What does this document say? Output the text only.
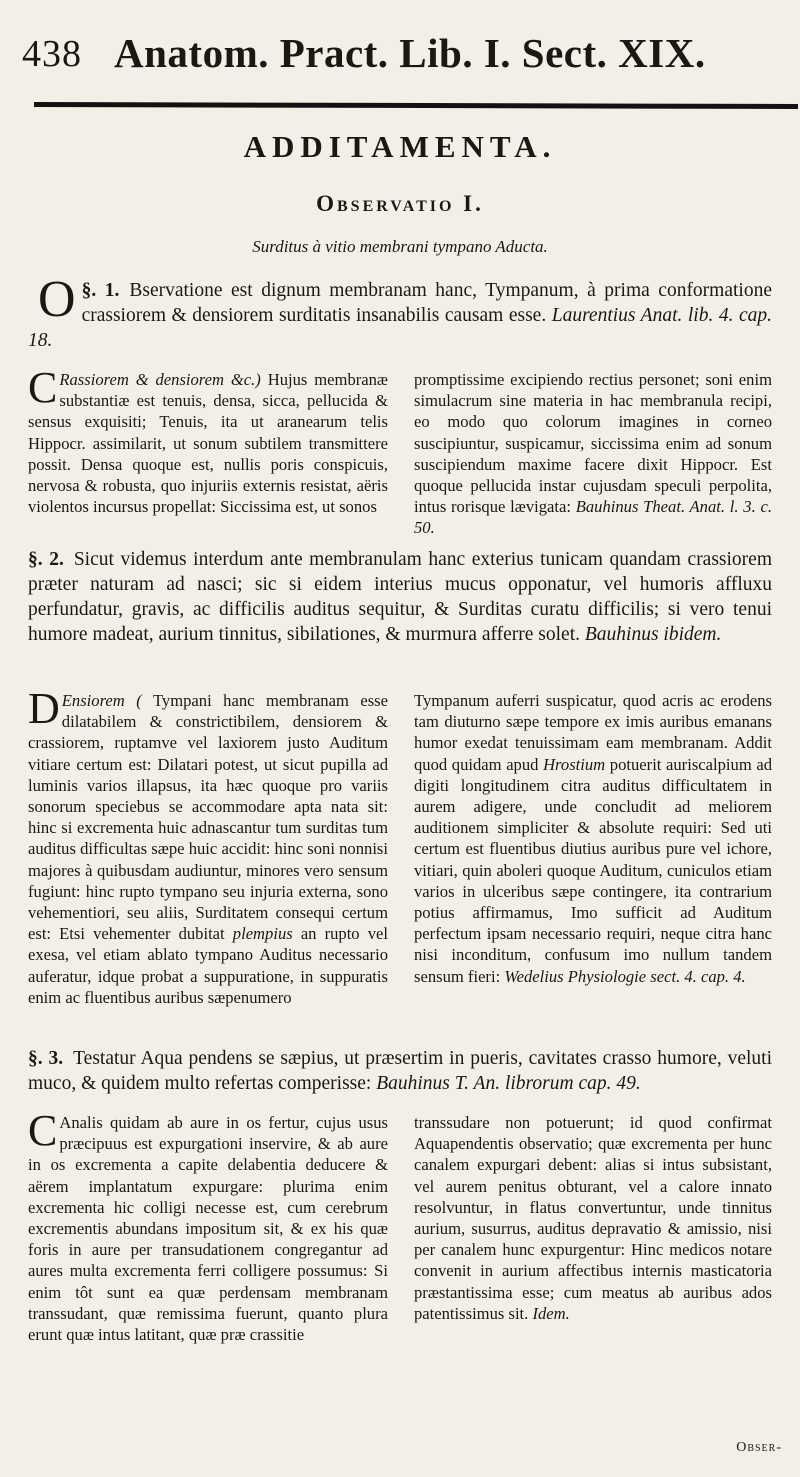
438 Anatom. Pract. Lib. I. Sect. XIX.
ADDITAMENTA.
Observatio I.
Surditus à vitio membrani tympano Aducta.
§. 1.
O	Bservatione est dignum membranam hanc, Tympanum, à prima conformatione crassiorem & densiorem surditatis insanabilis causam esse. Laurentius Anat. lib. 4. cap. 18.
C Rassiorem & densiorem &c.) Hujus membranæ substantiæ est tenuis, densa, sicca, pellucida & sensus exquisiti; Tenuis, ita ut aranearum telis Hippocr. assimilarit, ut sonum subtilem transmittere possit. Densa quoque est, nullis poris conspicuis, nervosa & robusta, quo injuriis externis resistat, aëris violentos incursus propellat: Siccissima est, ut sonos
promptissime excipiendo rectius personet; soni enim simulacrum sine materia in hac membranula recipi, eo modo quo colorum imagines in corneo suscipiuntur, suspicamur, siccissima enim ad sonum suscipiendum maxime facere dixit Hippocr. Est quoque pellucida instar cujusdam speculi perpolita, intus rorisque lævigata: Bauhinus Theat. Anat. l. 3. c. 50.
§. 2. Sicut videmus interdum ante membranulam hanc exterius tunicam quandam crassiorem præter naturam ad nasci; sic si eidem interius mucus opponatur, vel humoris affluxu perfundatur, gravis, ac difficilis auditus sequitur, & Surditas curatu difficilis; si vero tenui humore madeat, aurium tinnitus, sibilationes, & murmura afferre solet. Bauhinus ibidem.
D Ensiorem ( Tympani hanc membranam esse dilatabilem & constrictibilem, densiorem & crassiorem, ruptamve vel laxiorem justo Auditum vitiare certum est: Dilatari potest, ut sicut pupilla ad luminis varios illapsus, ita hæc quoque pro variis sonorum speciebus se accommodare apta nata sit: hinc si excrementa huic adnascantur tum surditas tum auditus difficultas sæpe huic accidit: hinc soni nonnisi majores à quibusdam audiuntur, minores vero sensum fugiunt: hinc rupto tympano seu injuria externa, sono vehementiori, seu aliis, Surditatem consequi certum est: Etsi vehementer dubitat plempius an rupto vel exesa, vel etiam ablato tympano Auditus necessario auferatur, idque probat a suppuratione, in suppuratis enim ac fluentibus auribus sæpenumero
Tympanum auferri suspicatur, quod acris ac erodens tam diuturno sæpe tempore ex imis auribus emanans humor exedat tenuissimam eam membranam. Addit quod quidam apud Hrostium potuerit auriscalpium ad digiti longitudinem citra auditus difficultatem in aurem adigere, unde concludit ad meliorem auditionem simpliciter & absolute requiri: Sed uti certum est fluentibus diutius auribus pure vel ichore, vitiari, quin aboleri quoque Auditum, cuniculos etiam varios in ulceribus sæpe contingere, ita contrarium potius affirmamus, Imo sufficit ad Auditum perfectum ipsam necessario requiri, neque citra hanc nisi inconditum, confusum imo nullum tandem sensum fieri: Wedelius Physiologie sect. 4. cap. 4.
§. 3. Testatur Aqua pendens se sæpius, ut præsertim in pueris, cavitates crasso humore, veluti muco, & quidem multo refertas comperisse: Bauhinus T. An. librorum cap. 49.
C Analis quidam ab aure in os fertur, cujus usus præcipuus est expurgationi inservire, & ab aure in os excrementa a capite delabentia deducere & aërem implantatum expurgare: plurima enim excrementa hic colligi necesse est, cum cerebrum excrementis abundans impositum sit, & ex his quæ foris in aure per transudationem congregantur ad aures multa excrementa ferri colligere possumus: Si enim tôt sunt ea quæ perdensam membranam transsudant, quæ remissima fuerunt, quanto plura erunt quæ intus latitant, quæ præ crassitie
transsudare non potuerunt; id quod confirmat Aquapendentis observatio; quæ excrementa per hunc canalem expurgari debent: alias si intus subsistant, vel aurem penitus obturant, vel a calore innato resolvuntur, in flatus convertuntur, unde tinnitus aurium, susurrus, auditus depravatio & amissio, nisi per canalem hunc expurgentur: Hinc medicos notare convenit in aurium affectibus internis masticatoria præstantissima esse; cum meatus ab auribus ados patentissimus sit. Idem.
Obser-
